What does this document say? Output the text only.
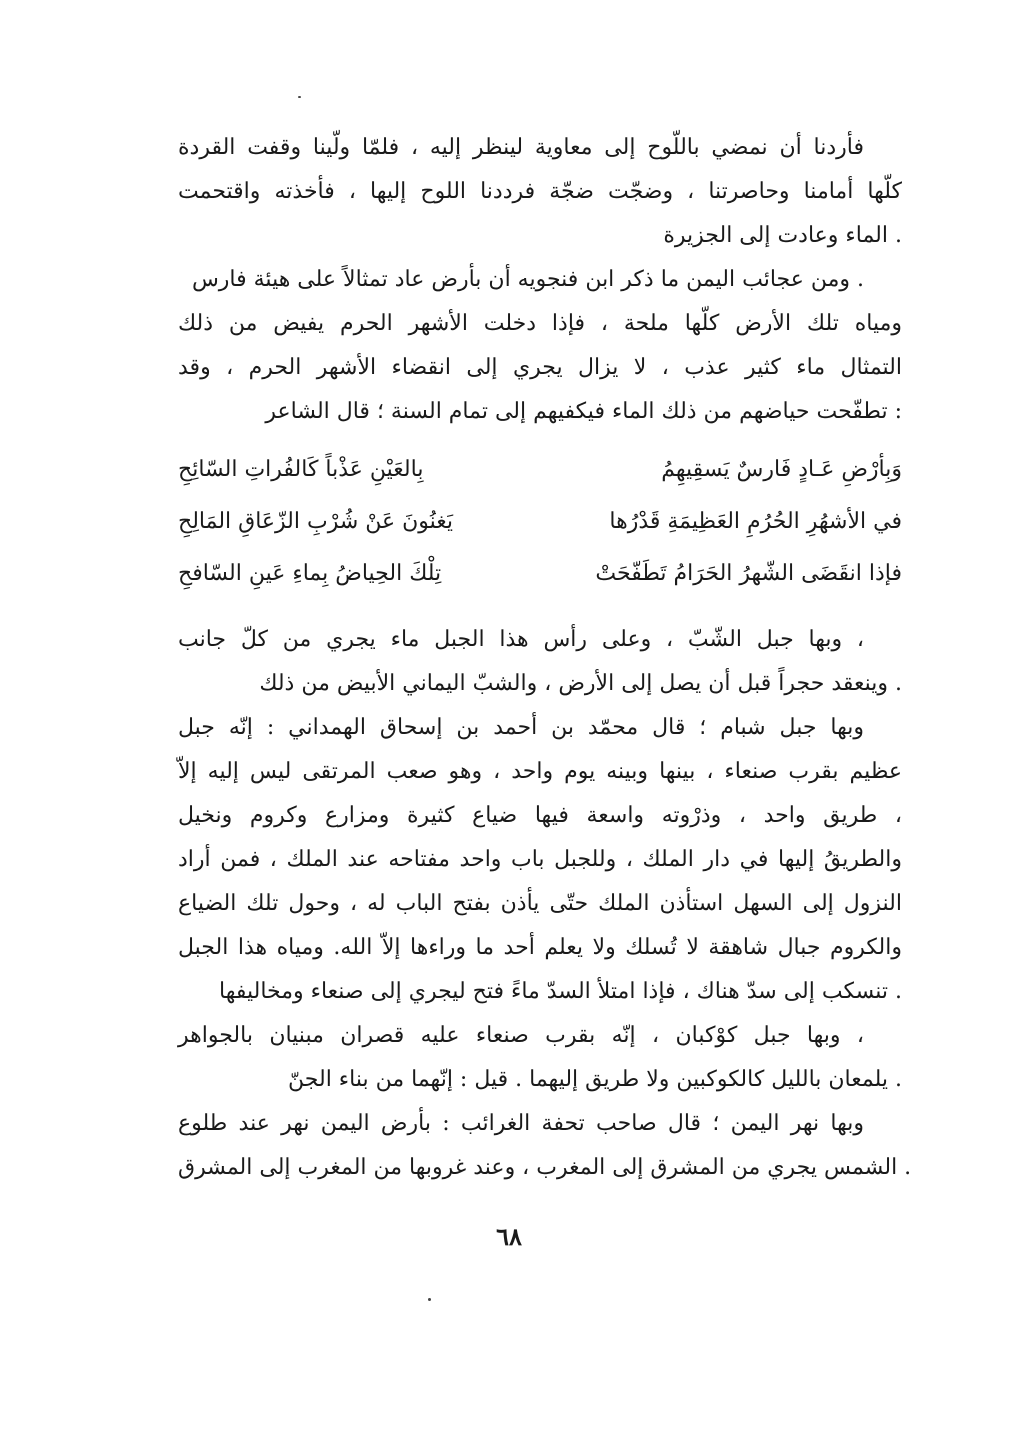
فأردنا أن نمضي باللّوح إلى معاوية لينظر إليه ، فلمّا ولّينا وقفت القردة
كلّها أمامنا وحاصرتنا ، وضجّت ضجّة فرددنا اللوح إليها ، فأخذته واقتحمت
الماء وعادت إلى الجزيرة .
ومن عجائب اليمن ما ذكر ابن فنجويه أن بأرض عاد تمثالاً على هيئة فارس .
ومياه تلك الأرض كلّها ملحة ، فإذا دخلت الأشهر الحرم يفيض من ذلك
التمثال ماء كثير عذب ، لا يزال يجري إلى انقضاء الأشهر الحرم ، وقد
تطفّحت حياضهم من ذلك الماء فيكفيهم إلى تمام السنة ؛ قال الشاعر :
وَبِأرْضِ عَـادٍ فَارسٌ يَسقِيهِمُ
بِالعَيْنِ عَذْباً كَالفُراتِ السّائِحِ
في الأشهُرِ الحُرُمِ العَظِيمَةِ قَدْرُها
يَغنُونَ عَنْ شُرْبِ الزّعَاقِ المَالِحِ
فإذا انقَضَى الشّهرُ الحَرَامُ تَطَفّحَتْ
تِلْكَ الحِياضُ بِماءِ عَينِ السّافحِ
وبها جبل الشّبّ ، وعلى رأس هذا الجبل ماء يجري من كلّ جانب ،
وينعقد حجراً قبل أن يصل إلى الأرض ، والشبّ اليماني الأبيض من ذلك .
وبها جبل شبام ؛ قال محمّد بن أحمد بن إسحاق الهمداني : إنّه جبل
عظيم بقرب صنعاء ، بينها وبينه يوم واحد ، وهو صعب المرتقى ليس إليه إلاّ
طريق واحد ، وذرْوته واسعة فيها ضياع كثيرة ومزارع وكروم ونخيل ،
والطريقُ إليها في دار الملك ، وللجبل باب واحد مفتاحه عند الملك ، فمن أراد
النزول إلى السهل استأذن الملك حتّى يأذن بفتح الباب له ، وحول تلك الضياع
والكروم جبال شاهقة لا تُسلك ولا يعلم أحد ما وراءها إلاّ الله. ومياه هذا الجبل
تنسكب إلى سدّ هناك ، فإذا امتلأ السدّ ماءً فتح ليجري إلى صنعاء ومخاليفها .
وبها جبل كوْكبان ، إنّه بقرب صنعاء عليه قصران مبنيان بالجواهر ،
يلمعان بالليل كالكوكبين ولا طريق إليهما . قيل : إنّهما من بناء الجنّ .
وبها نهر اليمن ؛ قال صاحب تحفة الغرائب : بأرض اليمن نهر عند طلوع
الشمس يجري من المشرق إلى المغرب ، وعند غروبها من المغرب إلى المشرق .
٦٨
